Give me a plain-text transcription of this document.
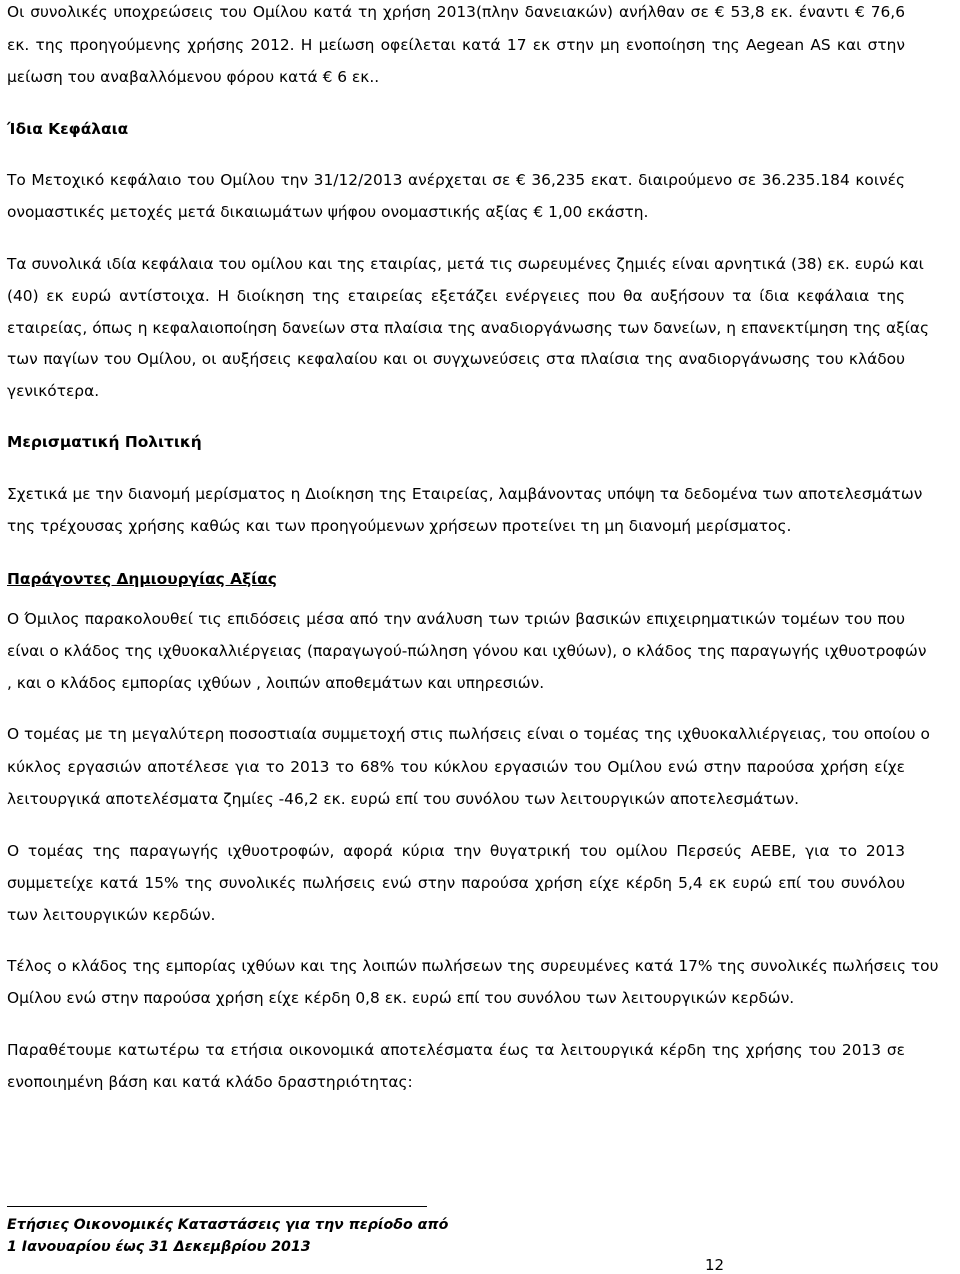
Οι συνολικές υποχρεώσεις του Ομίλου κατά τη χρήση 2013(πλην δανειακών) ανήλθαν σε € 53,8 εκ. έναντι € 76,6
εκ. της προηγούμενης χρήσης 2012. Η μείωση οφείλεται κατά 17 εκ στην μη ενοποίηση της Aegean AS και στην
μείωση του αναβαλλόμενου φόρου κατά € 6 εκ..
Ίδια Κεφάλαια
Το Μετοχικό κεφάλαιο του Ομίλου την 31/12/2013 ανέρχεται σε € 36,235 εκατ. διαιρούμενο σε 36.235.184 κοινές
ονομαστικές μετοχές μετά δικαιωμάτων ψήφου ονομαστικής αξίας € 1,00 εκάστη.
Τα συνολικά ιδία κεφάλαια του ομίλου και της εταιρίας, μετά τις σωρευμένες ζημιές είναι αρνητικά (38) εκ. ευρώ και
(40) εκ ευρώ αντίστοιχα. Η διοίκηση της εταιρείας εξετάζει ενέργειες που θα αυξήσουν τα ίδια κεφάλαια της
εταιρείας, όπως η κεφαλαιοποίηση δανείων στα πλαίσια της αναδιοργάνωσης των δανείων, η επανεκτίμηση της αξίας
των παγίων του Ομίλου, οι αυξήσεις κεφαλαίου και οι συγχωνεύσεις στα πλαίσια της αναδιοργάνωσης του κλάδου
γενικότερα.
Μερισματική Πολιτική
Σχετικά με την διανομή μερίσματος η Διοίκηση της Εταιρείας, λαμβάνοντας υπόψη τα δεδομένα των αποτελεσμάτων
της τρέχουσας χρήσης καθώς και των προηγούμενων χρήσεων προτείνει τη μη διανομή μερίσματος.
Παράγοντες Δημιουργίας Αξίας
Ο Όμιλος παρακολουθεί τις επιδόσεις μέσα από την ανάλυση των τριών βασικών επιχειρηματικών τομέων του που
είναι ο κλάδος της ιχθυοκαλλιέργειας (παραγωγού-πώληση γόνου και ιχθύων), ο κλάδος της παραγωγής ιχθυοτροφών
, και ο κλάδος εμπορίας ιχθύων , λοιπών αποθεμάτων και υπηρεσιών.
Ο τομέας με τη μεγαλύτερη ποσοστιαία συμμετοχή στις πωλήσεις είναι ο τομέας της ιχθυοκαλλιέργειας, του οποίου ο
κύκλος εργασιών αποτέλεσε για το 2013 το 68% του κύκλου εργασιών του Ομίλου ενώ στην παρούσα χρήση είχε
λειτουργικά αποτελέσματα ζημίες -46,2 εκ. ευρώ επί του συνόλου των λειτουργικών αποτελεσμάτων.
Ο τομέας της παραγωγής ιχθυοτροφών, αφορά κύρια την θυγατρική του ομίλου Περσεύς ΑΕΒΕ, για το 2013
συμμετείχε κατά 15% της συνολικές πωλήσεις ενώ στην παρούσα χρήση είχε κέρδη 5,4 εκ ευρώ επί του συνόλου
των λειτουργικών κερδών.
Τέλος ο κλάδος της εμπορίας ιχθύων και της λοιπών πωλήσεων της συρευμένες κατά 17% της συνολικές πωλήσεις του
Ομίλου ενώ στην παρούσα χρήση είχε κέρδη 0,8 εκ. ευρώ επί του συνόλου των λειτουργικών κερδών.
Παραθέτουμε κατωτέρω τα ετήσια οικονομικά αποτελέσματα έως τα λειτουργικά κέρδη της χρήσης του 2013 σε
ενοποιημένη βάση και κατά κλάδο δραστηριότητας:
Ετήσιες Οικονομικές Καταστάσεις για την περίοδο από
1 Ιανουαρίου έως 31 Δεκεμβρίου 2013
12
